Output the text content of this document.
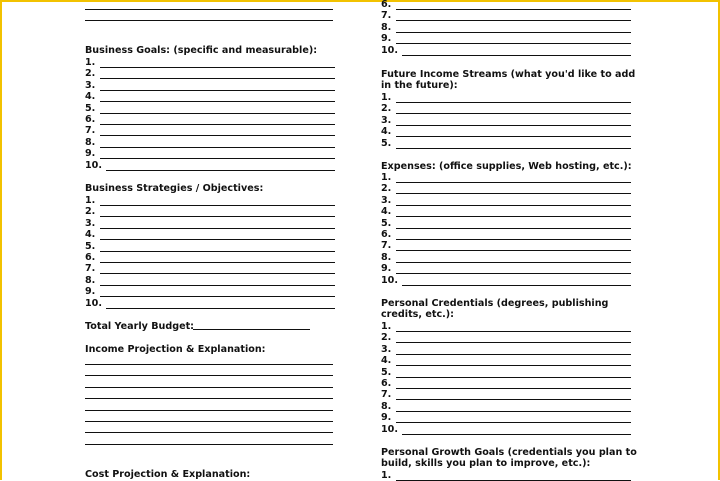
Business Goals: (specific and measurable):
1.
2.
3.
4.
5.
6.
7.
8.
9.
10.
Business Strategies / Objectives:
1.
2.
3.
4.
5.
6.
7.
8.
9.
10.
Total Yearly Budget:
Income Projection & Explanation:
Cost Projection & Explanation:
6.
7.
8.
9.
10.
Future Income Streams (what you'd like to add
in the future):
1.
2.
3.
4.
5.
Expenses: (office supplies, Web hosting, etc.):
1.
2.
3.
4.
5.
6.
7.
8.
9.
10.
Personal Credentials (degrees, publishing
credits, etc.):
1.
2.
3.
4.
5.
6.
7.
8.
9.
10.
Personal Growth Goals (credentials you plan to
build, skills you plan to improve, etc.):
1.
